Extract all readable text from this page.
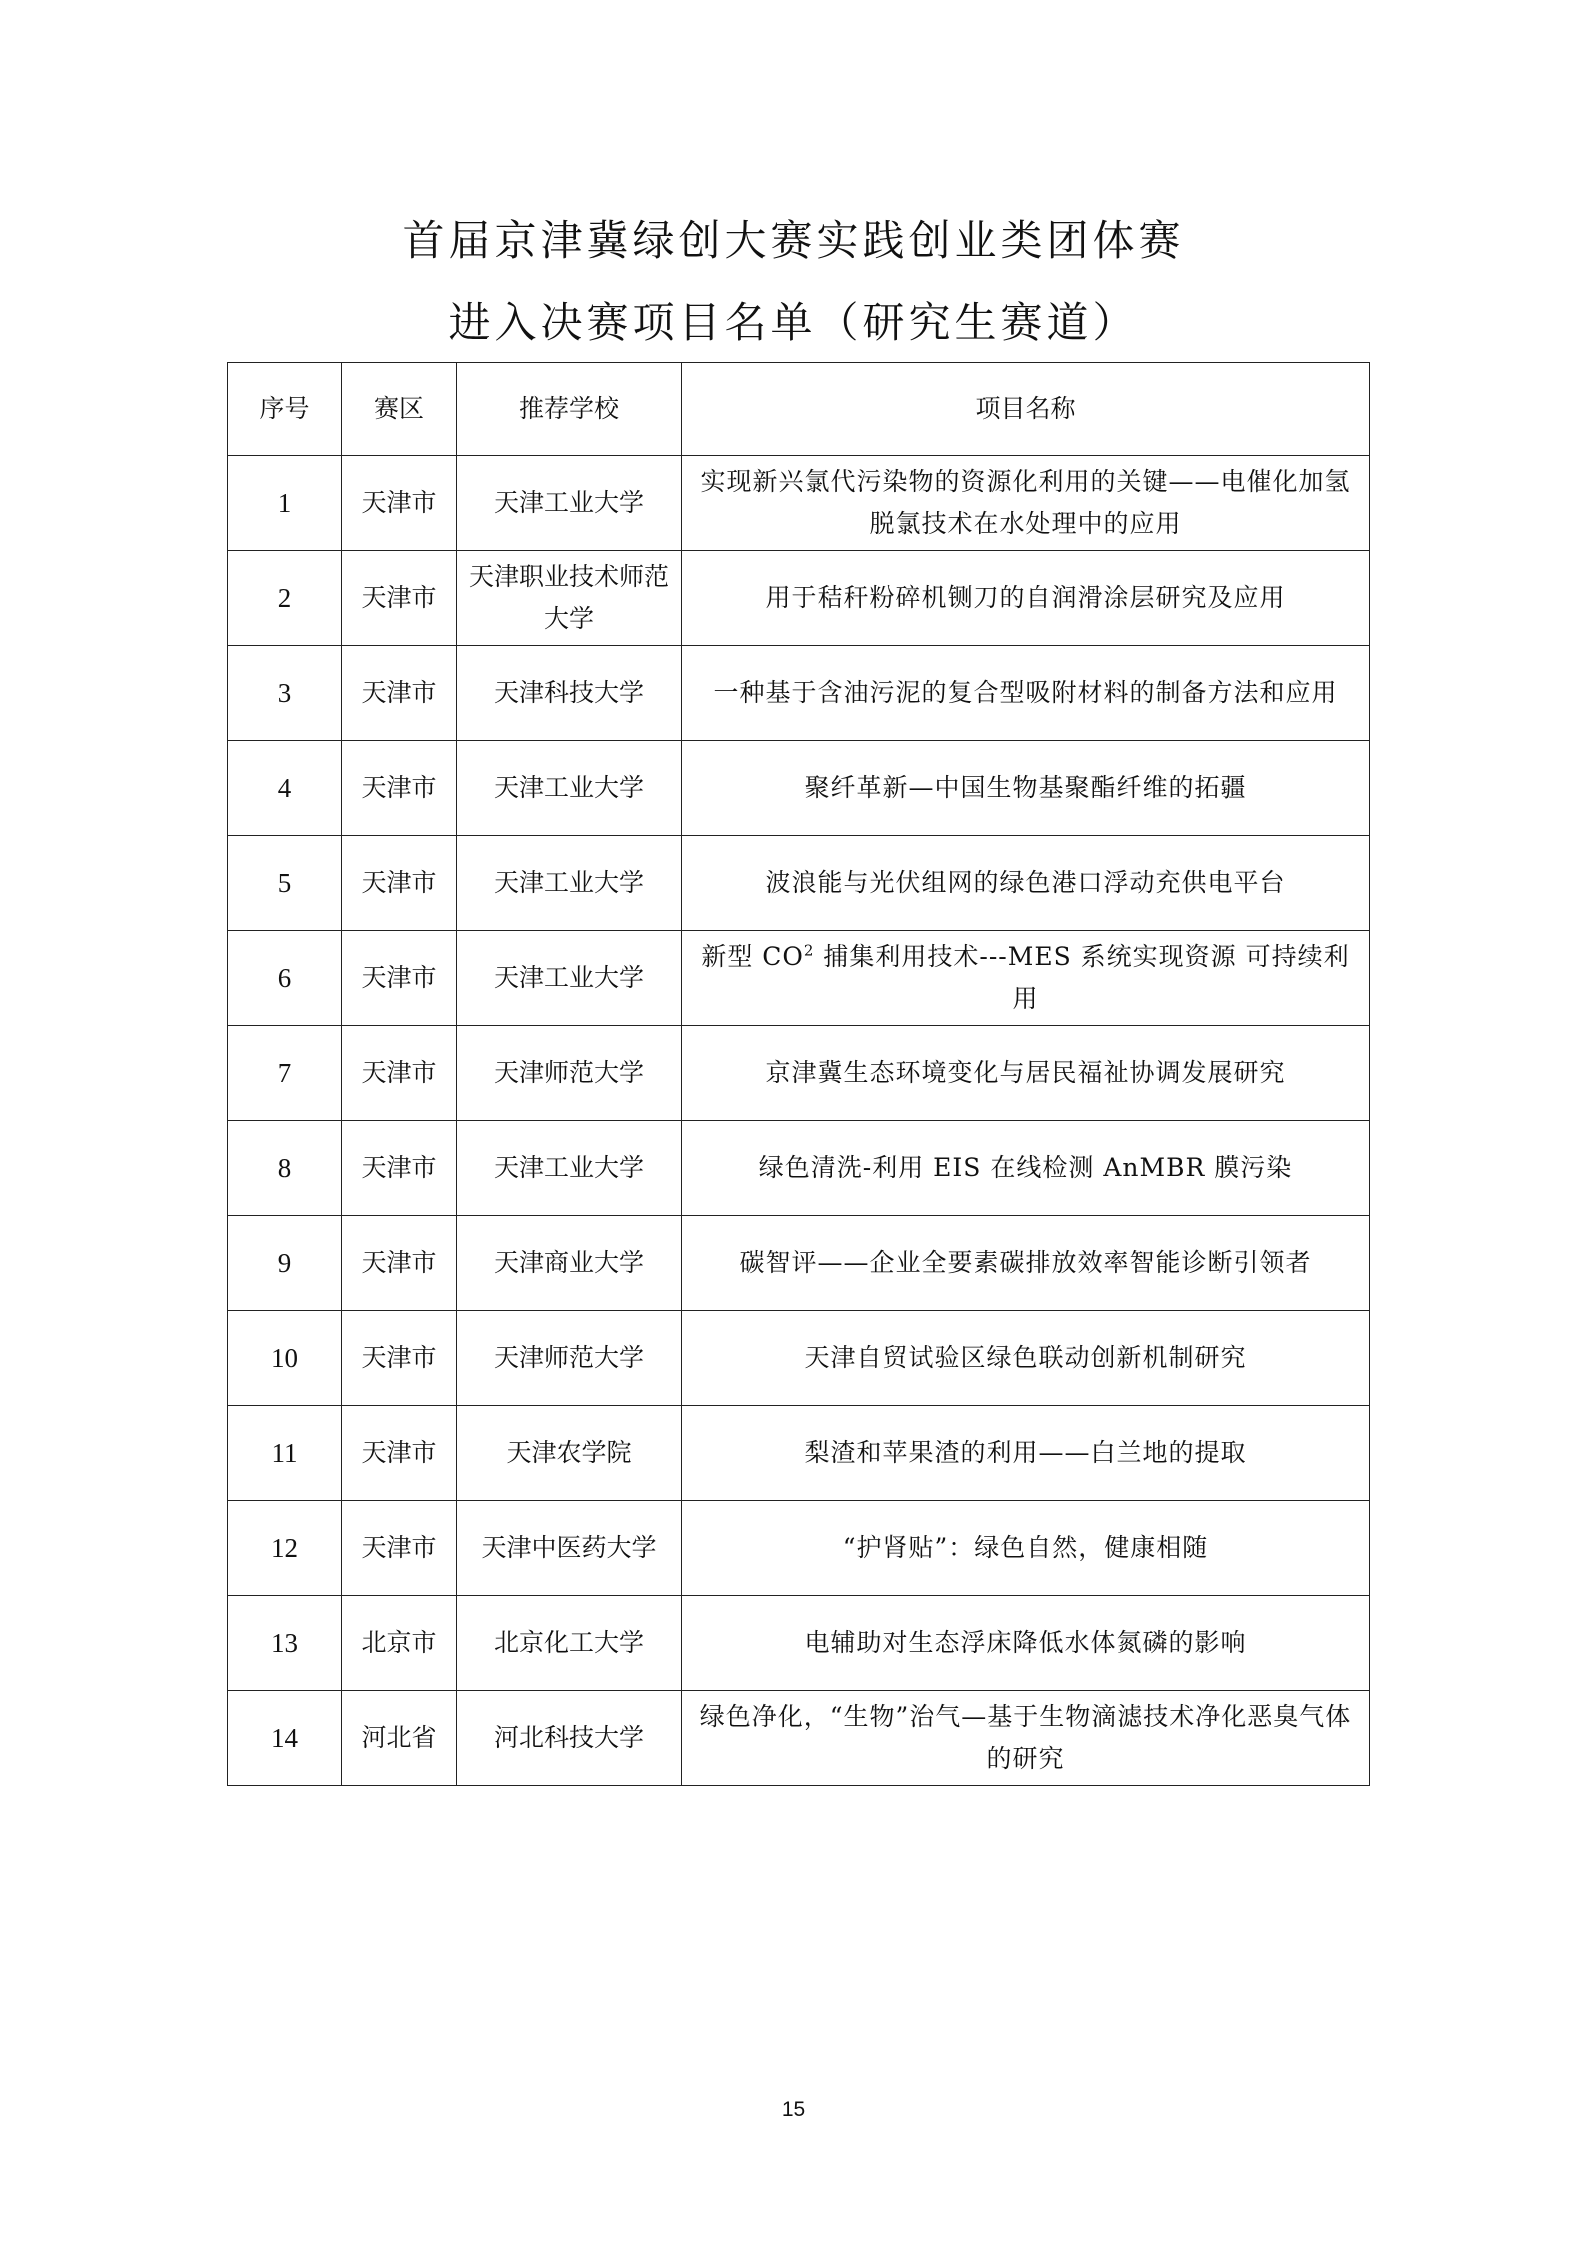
首届京津冀绿创大赛实践创业类团体赛
进入决赛项目名单（研究生赛道）
序号	赛区	推荐学校	项目名称
1	天津市	天津工业大学	实现新兴氯代污染物的资源化利用的关键——电催化加氢脱氯技术在水处理中的应用
2	天津市	天津职业技术师范大学	用于秸秆粉碎机铡刀的自润滑涂层研究及应用
3	天津市	天津科技大学	一种基于含油污泥的复合型吸附材料的制备方法和应用
4	天津市	天津工业大学	聚纤革新—中国生物基聚酯纤维的拓疆
5	天津市	天津工业大学	波浪能与光伏组网的绿色港口浮动充供电平台
6	天津市	天津工业大学	新型 $CO^2$ 捕集利用技术---MES 系统实现资源 可持续利用
7	天津市	天津师范大学	京津冀生态环境变化与居民福祉协调发展研究
8	天津市	天津工业大学	绿色清洗-利用 EIS 在线检测 AnMBR 膜污染
9	天津市	天津商业大学	碳智评——企业全要素碳排放效率智能诊断引领者
10	天津市	天津师范大学	天津自贸试验区绿色联动创新机制研究
11	天津市	天津农学院	梨渣和苹果渣的利用——白兰地的提取
12	天津市	天津中医药大学	“护肾贴”：绿色自然，健康相随
13	北京市	北京化工大学	电辅助对生态浮床降低水体氮磷的影响
14	河北省	河北科技大学	绿色净化，“生物”治气—基于生物滴滤技术净化恶臭气体的研究
15
